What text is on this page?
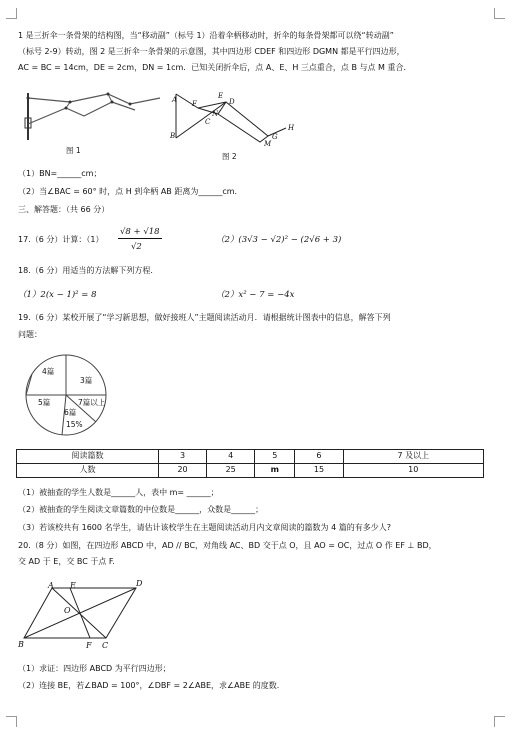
1 是三折伞一条骨架的结构图，当“移动副”（标号 1）沿着伞柄移动时，折伞的每条骨架都可以绕“转动副”
（标号 2-9）转动，图 2 是三折伞一条骨架的示意图，其中四边形 CDEF 和四边形 DGMN 都是平行四边形，
AC = BC = 14cm，DE = 2cm，DN = 1cm．已知关闭折伞后，点 A、E、H 三点重合，点 B 与点 M 重合．
图 1
A F
E
D
N
C
H
B
M
G
图 2
（1）BN=______cm；
（2）当∠BAC = 60° 时，点 H 到伞柄 AB 距离为______cm.
三、解答题：（共 66 分）
17.（6 分）计算：（1）
√8 + √18
√2
（2）(3√3 − √2)² − (2√6 + 3)
18.（6 分）用适当的方法解下列方程.
（1）2(x − 1)² = 8	（2）x² − 7 = −4x
19.（6 分）某校开展了“学习新思想，做好接班人”主题阅读活动月．请根据统计图表中的信息，解答下列
问题：
4篇
3篇
5篇	7篇以上
6篇
15%
阅读篇数	3	4	5	6	7 及以上
人数	20	25	m	15	10
（1）被抽查的学生人数是______人，表中 m= ______；
（2）被抽查的学生阅读文章篇数的中位数是______，众数是______；
（3）若该校共有 1600 名学生，请估计该校学生在主题阅读活动月内文章阅读的篇数为 4 篇的有多少人?
20.（8 分）如图，在四边形 ABCD 中，AD // BC，对角线 AC、BD 交于点 O，且 AO = OC，过点 O 作 EF ⊥ BD，
交 AD 于 E，交 BC 于点 F.
A E	D
O
B	F C
（1）求证：四边形 ABCD 为平行四边形；
（2）连接 BE，若∠BAD = 100°，∠DBF = 2∠ABE，求∠ABE 的度数.
